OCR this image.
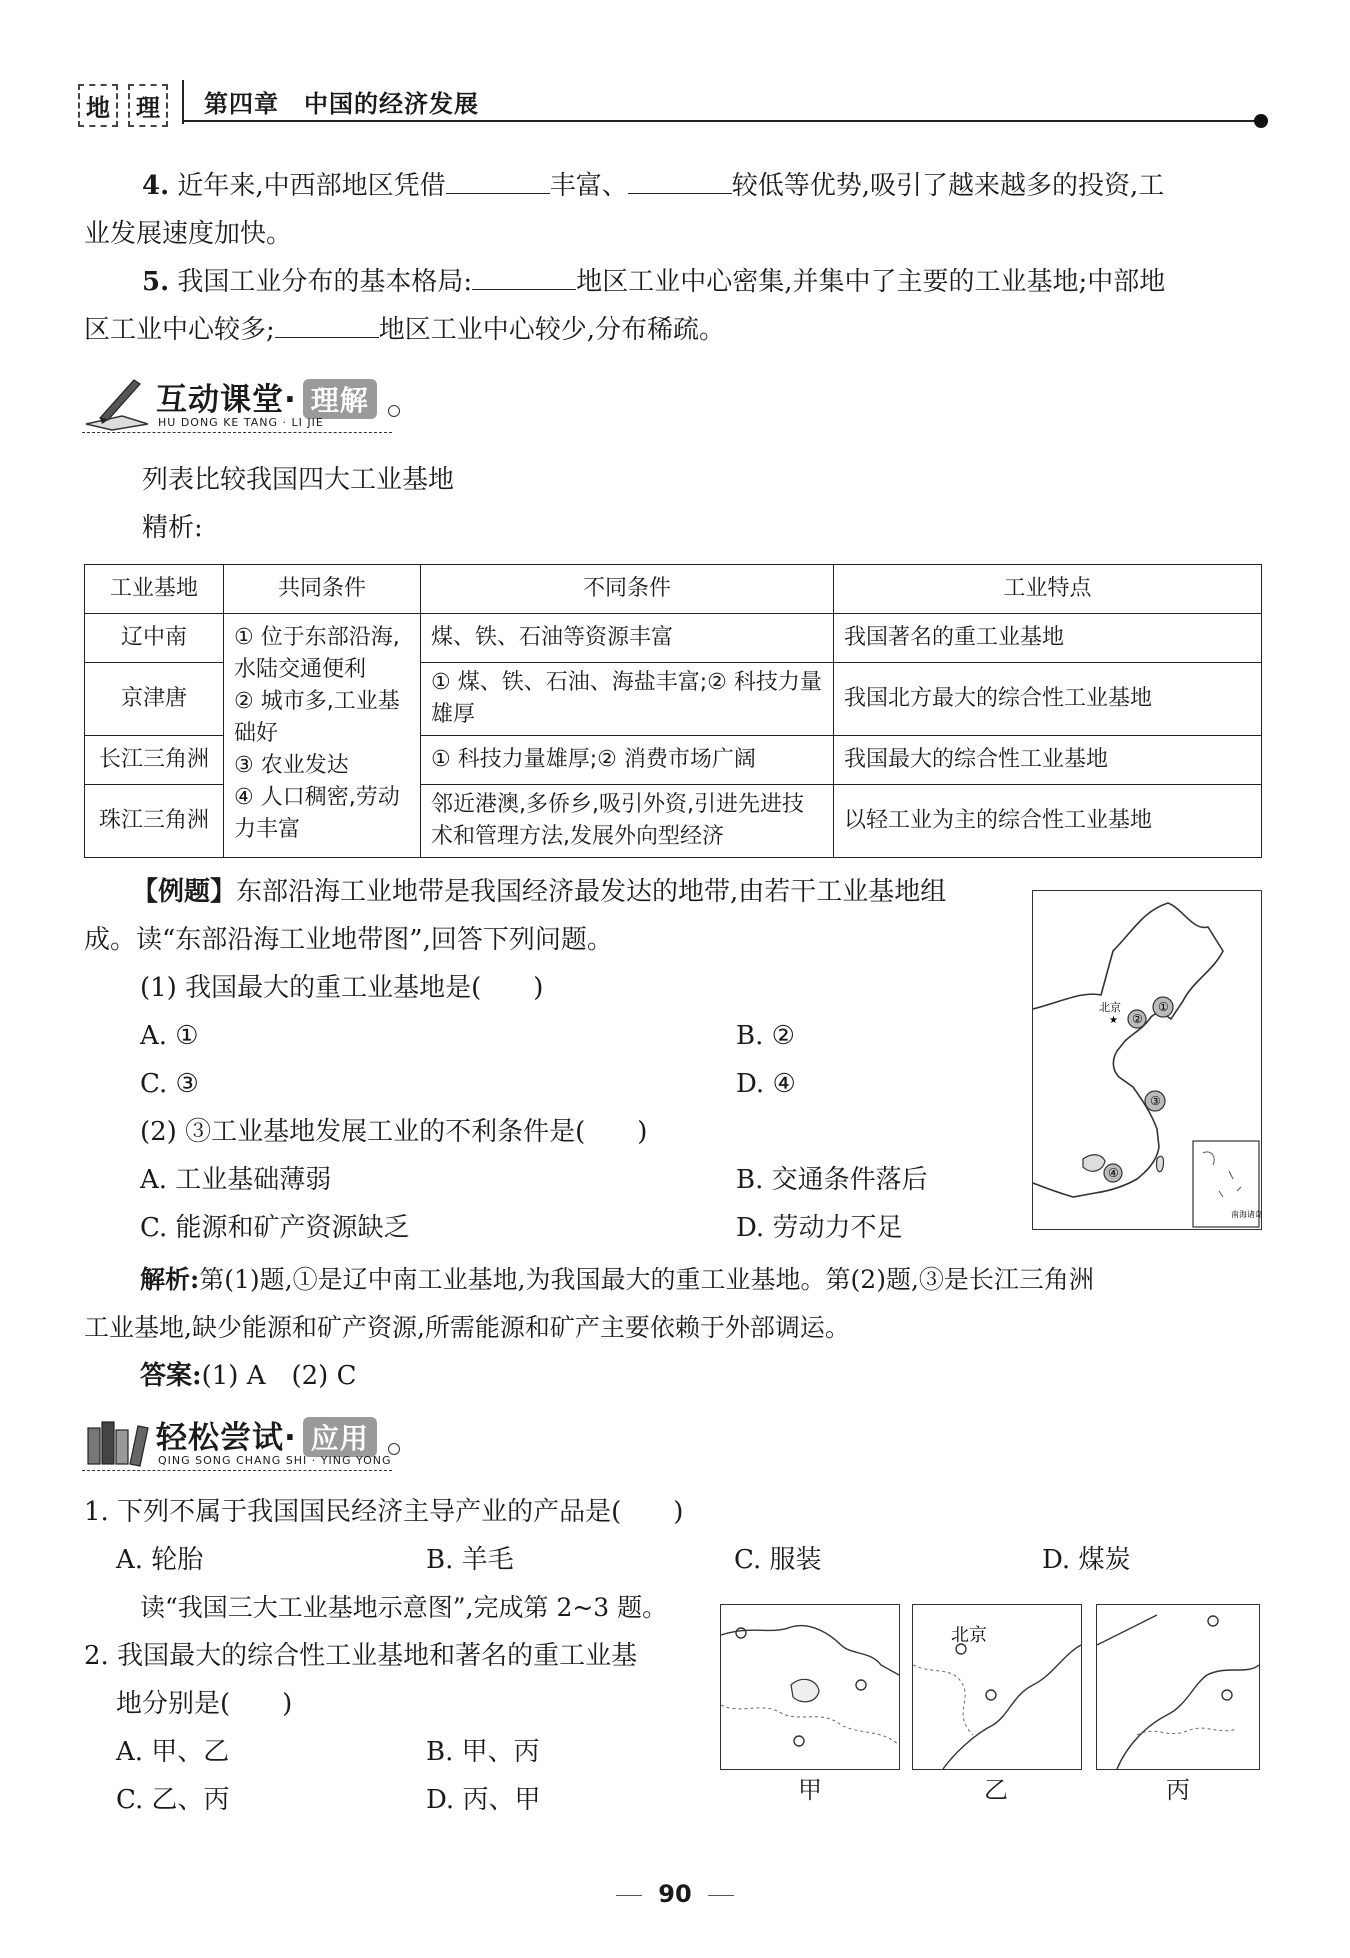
地	理	第四章　中国的经济发展
4. 近年来,中西部地区凭借	丰富、	较低等优势,吸引了越来越多的投资,工
业发展速度加快。
5. 我国工业分布的基本格局:	地区工业中心密集,并集中了主要的工业基地;中部地
区工业中心较多;	地区工业中心较少,分布稀疏。
互动课堂· 理解
HU DONG KE TANG · LI JIE
列表比较我国四大工业基地
精析:
工业基地	共同条件	不同条件	工业特点
辽中南	① 位于东部沿海,水陆交通便利
② 城市多,工业基础好
③ 农业发达
④ 人口稠密,劳动力丰富	煤、铁、石油等资源丰富	我国著名的重工业基地
京津唐		① 煤、铁、石油、海盐丰富;② 科技力量雄厚	我国北方最大的综合性工业基地
长江三角洲		① 科技力量雄厚;② 消费市场广阔	我国最大的综合性工业基地
珠江三角洲		邻近港澳,多侨乡,吸引外资,引进先进技术和管理方法,发展外向型经济	以轻工业为主的综合性工业基地
【例题】东部沿海工业地带是我国经济最发达的地带,由若干工业基地组
成。读“东部沿海工业地带图”,回答下列问题。
(1) 我国最大的重工业基地是(　　)
A. ①	B. ②
C. ③	D. ④
(2) ③工业基地发展工业的不利条件是(　　)
A. 工业基础薄弱	B. 交通条件落后
C. 能源和矿产资源缺乏	D. 劳动力不足
北京
★
①
②
③
④
南海诸岛
解析:第(1)题,①是辽中南工业基地,为我国最大的重工业基地。第(2)题,③是长江三角洲
工业基地,缺少能源和矿产资源,所需能源和矿产主要依赖于外部调运。
答案:(1) A　(2) C
轻松尝试· 应用
QING SONG CHANG SHI · YING YONG
1. 下列不属于我国国民经济主导产业的产品是(　　)
A. 轮胎	B. 羊毛	C. 服装	D. 煤炭
读“我国三大工业基地示意图”,完成第 2~3 题。
2. 我国最大的综合性工业基地和著名的重工业基
地分别是(　　)
A. 甲、乙	B. 甲、丙
C. 乙、丙	D. 丙、甲	甲
北京
乙	丙
90
